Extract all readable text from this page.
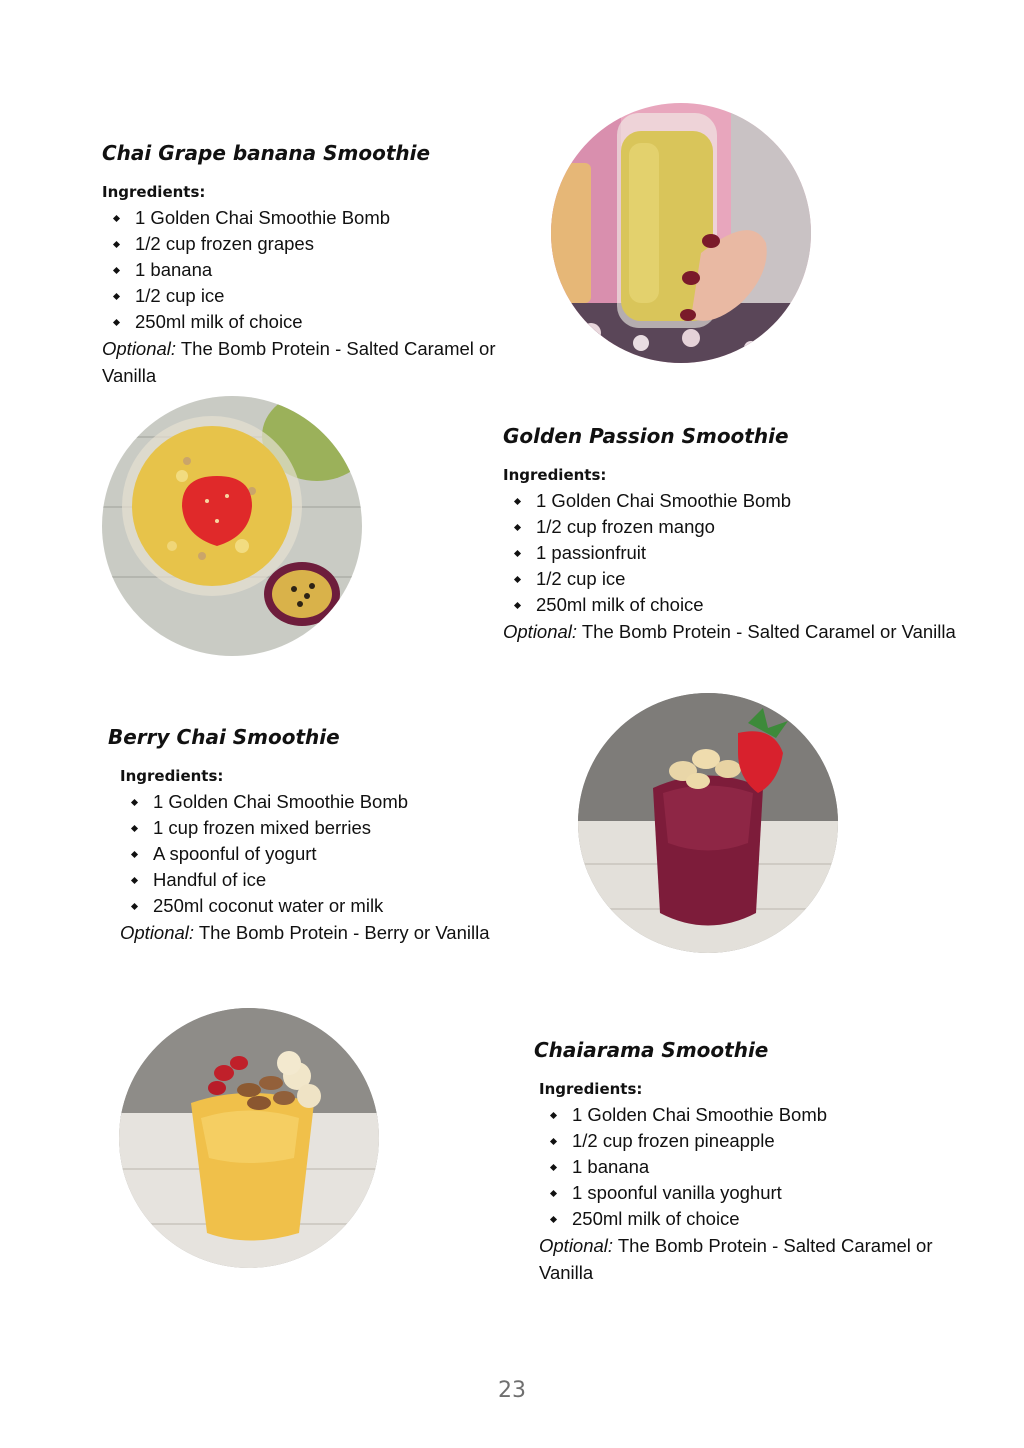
Chai Grape banana Smoothie
Ingredients:
1 Golden Chai Smoothie Bomb
1/2 cup frozen grapes
1 banana
1/2 cup ice
250ml milk of choice

Optional: The Bomb Protein - Salted Caramel or Vanilla

Golden Passion Smoothie
Ingredients:
1 Golden Chai Smoothie Bomb
1/2 cup frozen mango
1 passionfruit
1/2 cup ice
250ml milk of choice

Optional: The Bomb Protein - Salted Caramel or Vanilla

Berry Chai Smoothie
Ingredients:
1 Golden Chai Smoothie Bomb
1 cup frozen mixed berries
A spoonful of yogurt
Handful of ice
250ml coconut water or milk

Optional: The Bomb Protein - Berry or Vanilla

Chaiarama Smoothie
Ingredients:
1 Golden Chai Smoothie Bomb
1/2 cup frozen pineapple
1 banana
1 spoonful vanilla yoghurt
250ml milk of choice

Optional: The Bomb Protein - Salted Caramel or Vanilla

23
